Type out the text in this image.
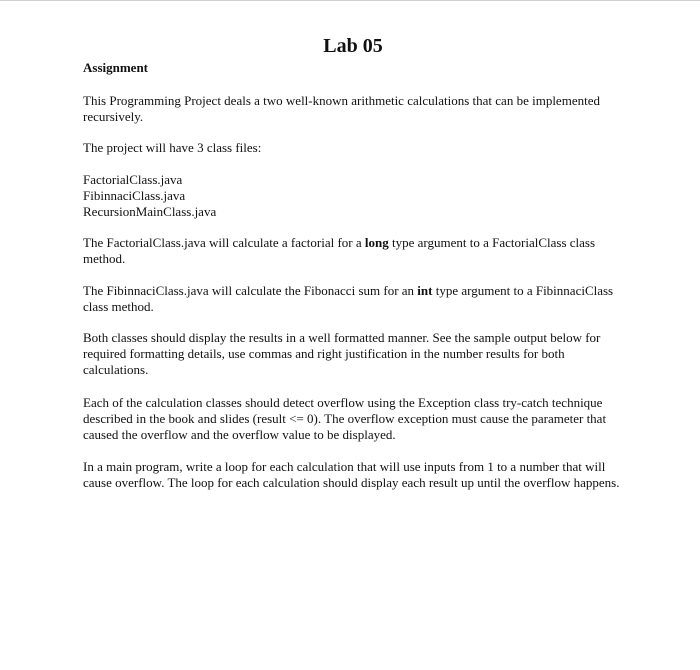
Lab 05
Assignment

This Programming Project deals a two well-known arithmetic calculations that can be implemented recursively.

The project will have 3 class files:

FactorialClass.java
FibinnaciClass.java
RecursionMainClass.java

The FactorialClass.java will calculate a factorial for a long type argument to a FactorialClass class method.

The FibinnaciClass.java will calculate the Fibonacci sum for an int type argument to a FibinnaciClass class method.

Both classes should display the results in a well formatted manner. See the sample output below for required formatting details, use commas and right justification in the number results for both calculations.

Each of the calculation classes should detect overflow using the Exception class try-catch technique described in the book and slides (result <= 0). The overflow exception must cause the parameter that caused the overflow and the overflow value to be displayed.

In a main program, write a loop for each calculation that will use inputs from 1 to a number that will cause overflow. The loop for each calculation should display each result up until the overflow happens.
